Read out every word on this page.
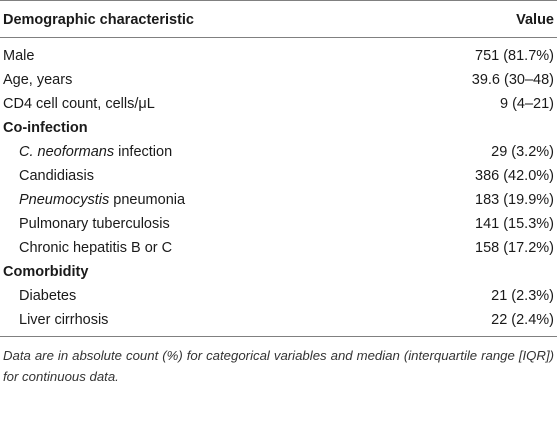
Demographic characteristic	Value
Male	751 (81.7%)
Age, years	39.6 (30–48)
CD4 cell count, cells/μL	9 (4–21)
Co-infection	
C. neoformans infection	29 (3.2%)
Candidiasis	386 (42.0%)
Pneumocystis pneumonia	183 (19.9%)
Pulmonary tuberculosis	141 (15.3%)
Chronic hepatitis B or C	158 (17.2%)
Comorbidity	
Diabetes	21 (2.3%)
Liver cirrhosis	22 (2.4%)

Data are in absolute count (%) for categorical variables and median (interquartile range [IQR]) for continuous data.
